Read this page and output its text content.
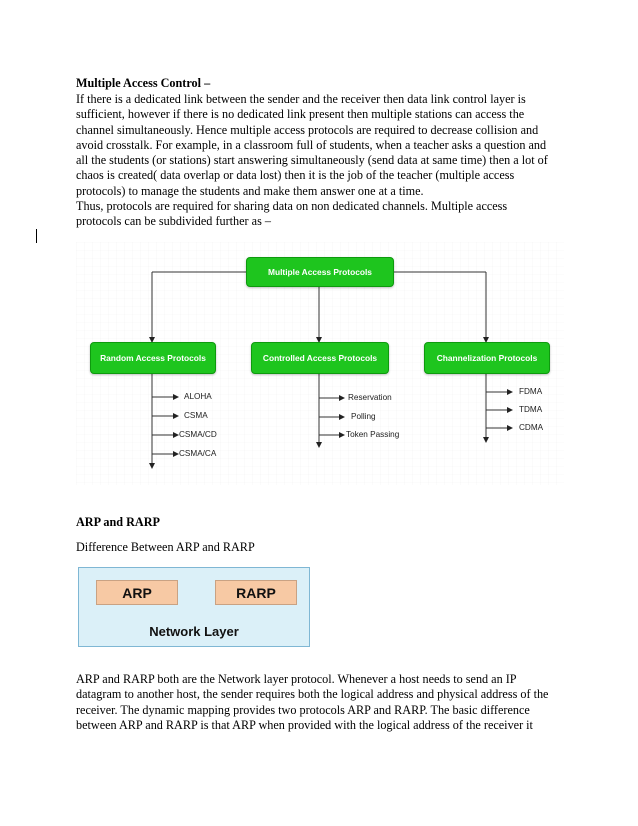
Multiple Access Control –
If there is a dedicated link between the sender and the receiver then data link control layer is
sufficient, however if there is no dedicated link present then multiple stations can access the
channel simultaneously. Hence multiple access protocols are required to decrease collision and
avoid crosstalk. For example, in a classroom full of students, when a teacher asks a question and
all the students (or stations) start answering simultaneously (send data at same time) then a lot of
chaos is created( data overlap or data lost) then it is the job of the teacher (multiple access
protocols) to manage the students and make them answer one at a time.
Thus, protocols are required for sharing data on non dedicated channels. Multiple access
protocols can be subdivided further as –
Multiple Access Protocols
Random Access Protocols	Controlled Access Protocols	Channelization Protocols
ALOHA
CSMA
CSMA/CD
CSMA/CA
Reservation
Polling
Token Passing
FDMA
TDMA
CDMA
ARP and RARP
Difference Between ARP and RARP
ARP	RARP
Network Layer
ARP and RARP both are the Network layer protocol. Whenever a host needs to send an IP
datagram to another host, the sender requires both the logical address and physical address of the
receiver. The dynamic mapping provides two protocols ARP and RARP. The basic difference
between ARP and RARP is that ARP when provided with the logical address of the receiver it
